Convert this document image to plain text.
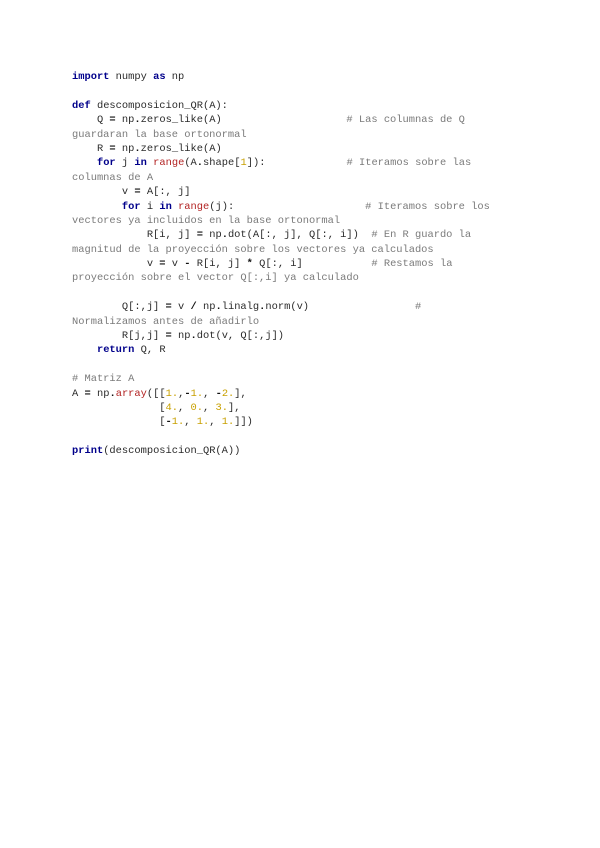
import numpy as np

def descomposicion_QR(A):
Q = np.zeros_like(A)                    # Las columnas de Q
guardaran la base ortonormal
R = np.zeros_like(A)
for j in range(A.shape[1]):             # Iteramos sobre las
columnas de A
v = A[:, j]
for i in range(j):                     # Iteramos sobre los
vectores ya incluidos en la base ortonormal
R[i, j] = np.dot(A[:, j], Q[:, i])  # En R guardo la
magnitud de la proyección sobre los vectores ya calculados
v = v - R[i, j] * Q[:, i]           # Restamos la
proyección sobre el vector Q[:,i] ya calculado

Q[:,j] = v / np.linalg.norm(v)                 #
Normalizamos antes de añadirlo
R[j,j] = np.dot(v, Q[:,j])
return Q, R

# Matriz A
A = np.array([[1.,-1., -2.],
[4., 0., 3.],
[-1., 1., 1.]])

print(descomposicion_QR(A))
